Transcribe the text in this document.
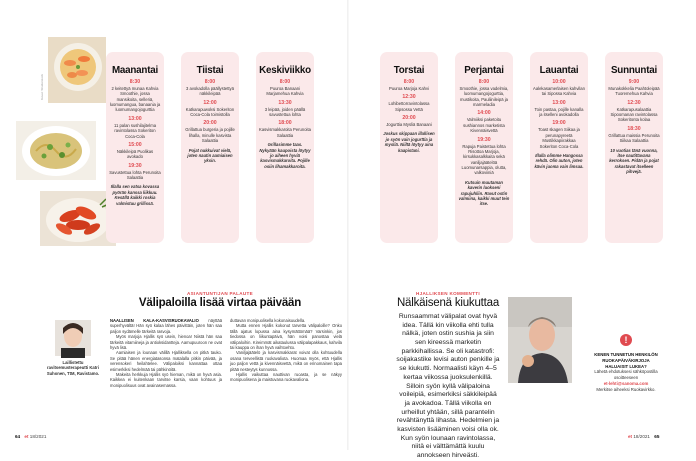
Kuvat: Shutterstock
Maanantai
8:30
2 keitettyä munaa Kahvia Smoothie, jossa mansikoita, selleriä, luomumangua, banaania ja luomumangojogurttia
13:00
11 palan sushilajitelma ravintolassa Sokeriton Coca-Cola
15:00
Näkkileipä Puolikas avokado
19:30
Savustettua lohta Perunoita Salaattia
Illalla sen vatsa kovassa pyörän kanssa liikkuu. Kesällä kaikki roskia valmistuu grillissä.
Tiistai
8:00
3 avokadolla päällystettyä näkkileipää
12:00
Katkarapuwoksi Sokeriton Coca-Cola toimistolla
20:00
Grillattua burgeria ja pojille lihalla, minulle kasvista Salaattia
Pojat nukkuivat vielä, joten nautin aamiaisen yksin.
Keskiviikko
8:00
Puuroa Banaani Marjamehua Kahvia
13:30
3 leipää, joiden päällä savustettua lohta
18:00
Kasvismakkaroita Perunoita Salaattia
Grillasimme taas. Nykyään kaupoista löytyy jo aiheen hyviä kasvismakkaroita. Pojille osiin lihamakkaroita.
Torstai
8:00
Puuroa Marjoja Kahvi
12:30
Lohibettorravintolassa Sipsossa Vettä
20:00
Jogurttia Mysliä Banaani
Joskus skippaan illallisen jo syön vain jogurttia ja mysliä. Niiltä löytyy aina kaapistani.
Perjantai
8:00
Smoothie, jossa vadelmia, luomumangojogurttia, mustikoita, Pauliinileipä ja marmeladia
14:00
Valmiiksi paketoitu sushiannos marketista Kivennäisvettä
19:30
Rapuja Paistettua lohta Risottoa Marjoja, kirsukkasalkkaita sekä vaniljajäätelöä Luomunarsappia, olutta, valkoviiniä
Kutsuin muutaman kaverin luokseni rapujuhliin. Ravut ostin valmiina, kaikki muut tein itse.
Lauantai
10:00
Aalekasamerlaisen kahvilan tai Sipossa Kahvia
13:00
Toin pastaa, pojille kanalla ja itselleni avokadolla
19:00
Toast skagen Siikaa ja perunapyreetä Mustikkapiirakkaa Sokeriton Coca-Cola
Illalla olimme Hangossa rehdä. Olin auton, joten kävin juoma vain limsaa.
Sunnuntai
9:00
Munakokkelia Paahtoleipää Tuoremehua Kahvia
12:30
Katkarapusalaattia Sipoomanan ravintolassa Sokeritonta kolaa
18:30
Grillattua maissia Perunoita Siikaa Salaattia
10 vuotias tänä vuonna, itse nautittavana kerroksen. Pidän ja pojat rakastavat itselleen pihvejä.
ASIANTUNTIJAN PALAUTE
Välipaloilla lisää virtaa päivään
Laillistettu ravitsemusterapeutti Katri Suhonen, TtM, Ravistamo.

NAALLISEN KALA-KASVISRUOKAVALIO näyttää superhyvältä! Hän syö kalaa lähes päivittäin, joten hän saa paljon sydämelle tärkeitä rasvoja.

Myös marjoja Hjallis syö usein, hienoa! Niistä hän saa tärkeitä vitamiineja ja antioksidantteja. Aamupuuroon ne ovat hyvä lisä.

Aamiaisen ja lounaan välillä Hjalliksella on pitkä tauko. Se pitää hänen energiatasonsa matalalla pitkin päivää, ja verensokeri heilahtelee. Välipaloiksi kannattaa ottaa esimerkiksi hedelmää tai pähkinöitä.

Makeita herkkuja Hjallis syö hieman, mikä on hyvä asia. Kaikkea ei kuitenkaan tarvitse karsia, vaan kohtuus ja monipuolisuus ovat avainasemassa.

duttavan monipuolisella kokonaisuudella.

Mutta ennen Hjallis kokonut tarvetta välipaloille? Onko tällä ajatus lopussa aina kysymättömää? Varsinkin, jos tiedossa on liikuntapäivä, hän voisi panostaa vielä välipaloihin. Kireimmät aikataulussa välipalapakkaus, kahvila tai kauppa on ihan hyvä vaihtoehto.

Vaniljajäätelö ja kasvismakkarat voivat olla kohtuudella osana terveellistä ruokavaliota. Huomaa myös, että Hjallis juo paljon vettä ja kivennäisvettä, mikä on erinomainen tapa pitää nesteytys kunnossa.

Hjallis vaikuttaa nauttivan ruoasta, ja se näkyy monipuolisena ja maistuvana ruokavaliona.

HJALLIKSEN KOMMENTTI
Nälkäisenä kiukuttaa
Runsaammat välipalat ovat hyvä idea. Tällä kin viikolla ehti tulla nälkä, joten ostin sushia ja siin sen kireessä marketin parkkihallissa. Se oli katastrofi: soijakastike levisi auton penkille ja se kiukutti. Normaalisti käyn 4–5 kertaa viikossa juoksulenkillä. Silloin syön kyllä välipaloina voileipiä, esimerkiksi säkkileipää ja avokadoa. Tällä viikolla en urheillut yhtään, sillä parantelin revähtänyttä lihasta. Hedelmien ja kasvisten lisääminen voisi olla ok. Kun syön lounaan ravintolassa, niitä ei välttämättä kuulu annokseen hirveästi.
!
KENEN TUNNETUN HENKILÖN RUOKAPÄIVÄKIRJOJA HALUAISIT LUKEA?
Lähetä ehdotuksesi sähköpostilla osoitteeseen
et-lehti@sanoma.com
Merkitse aiheeksi Ruokavirkko.
64 et 18/2021	et 18/2021 65
